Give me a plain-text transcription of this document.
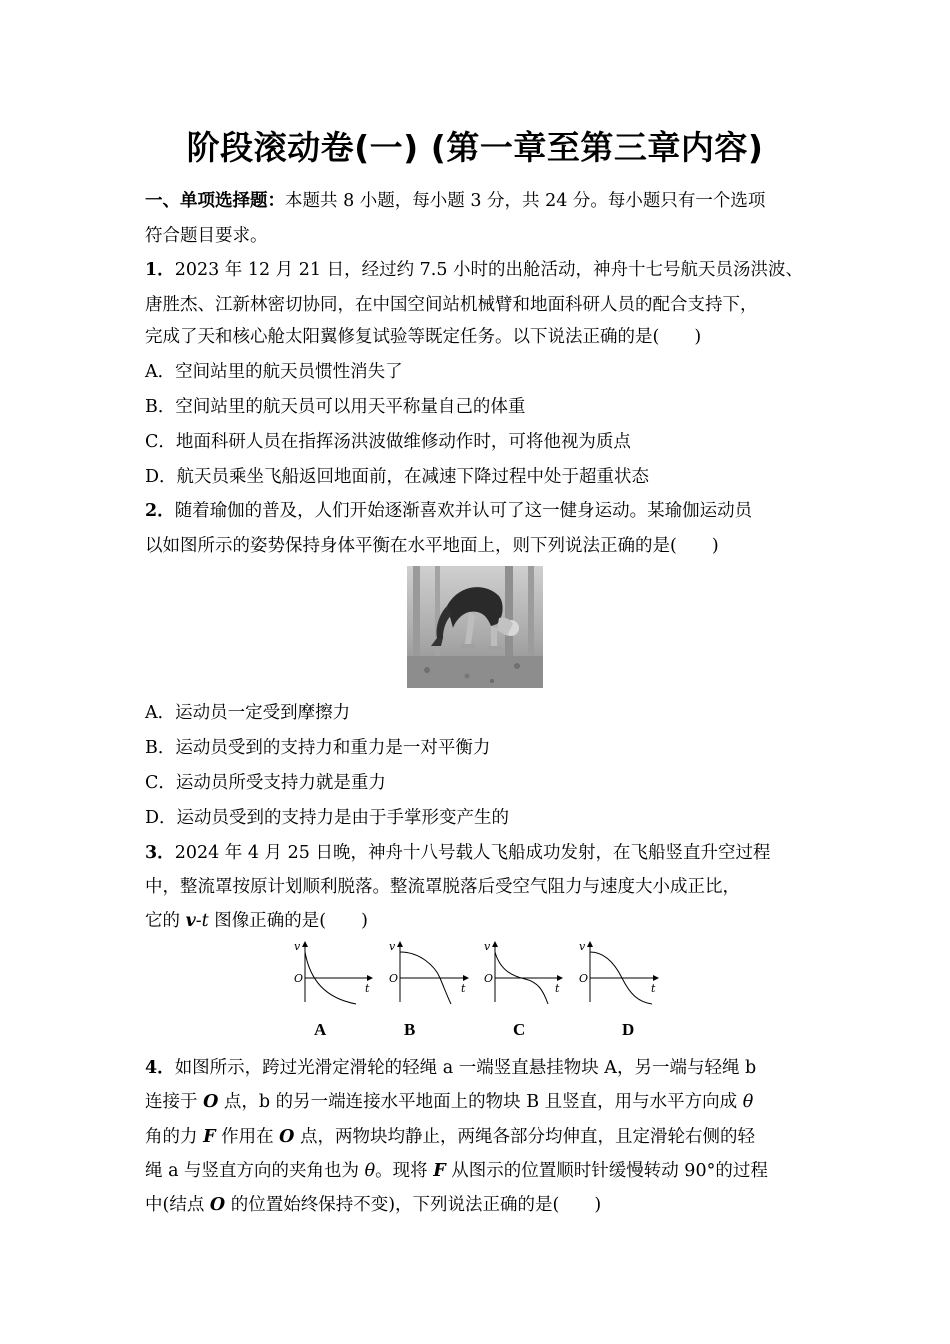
阶段滚动卷(一) (第一章至第三章内容)
一、单项选择题：本题共 8 小题，每小题 3 分，共 24 分。每小题只有一个选项
符合题目要求。
1．2023 年 12 月 21 日，经过约 7.5 小时的出舱活动，神舟十七号航天员汤洪波、
唐胜杰、江新林密切协同，在中国空间站机械臂和地面科研人员的配合支持下，
完成了天和核心舱太阳翼修复试验等既定任务。以下说法正确的是(　　)
A．空间站里的航天员惯性消失了
B．空间站里的航天员可以用天平称量自己的体重
C．地面科研人员在指挥汤洪波做维修动作时，可将他视为质点
D．航天员乘坐飞船返回地面前，在减速下降过程中处于超重状态
2．随着瑜伽的普及，人们开始逐渐喜欢并认可了这一健身运动。某瑜伽运动员
以如图所示的姿势保持身体平衡在水平地面上，则下列说法正确的是(　　)
A．运动员一定受到摩擦力
B．运动员受到的支持力和重力是一对平衡力
C．运动员所受支持力就是重力
D．运动员受到的支持力是由于手掌形变产生的
3．2024 年 4 月 25 日晚，神舟十八号载人飞船成功发射，在飞船竖直升空过程
中，整流罩按原计划顺利脱落。整流罩脱落后受空气阻力与速度大小成正比，
它的 v-t 图像正确的是(　　)
v
O
t
v
O
t
v
O
t
v
O
t
A	B	C	D
4．如图所示，跨过光滑定滑轮的轻绳 a 一端竖直悬挂物块 A，另一端与轻绳 b
连接于 O 点，b 的另一端连接水平地面上的物块 B 且竖直，用与水平方向成 θ
角的力 F 作用在 O 点，两物块均静止，两绳各部分均伸直，且定滑轮右侧的轻
绳 a 与竖直方向的夹角也为 θ。现将 F 从图示的位置顺时针缓慢转动 90°的过程
中(结点 O 的位置始终保持不变)，下列说法正确的是(　　)
